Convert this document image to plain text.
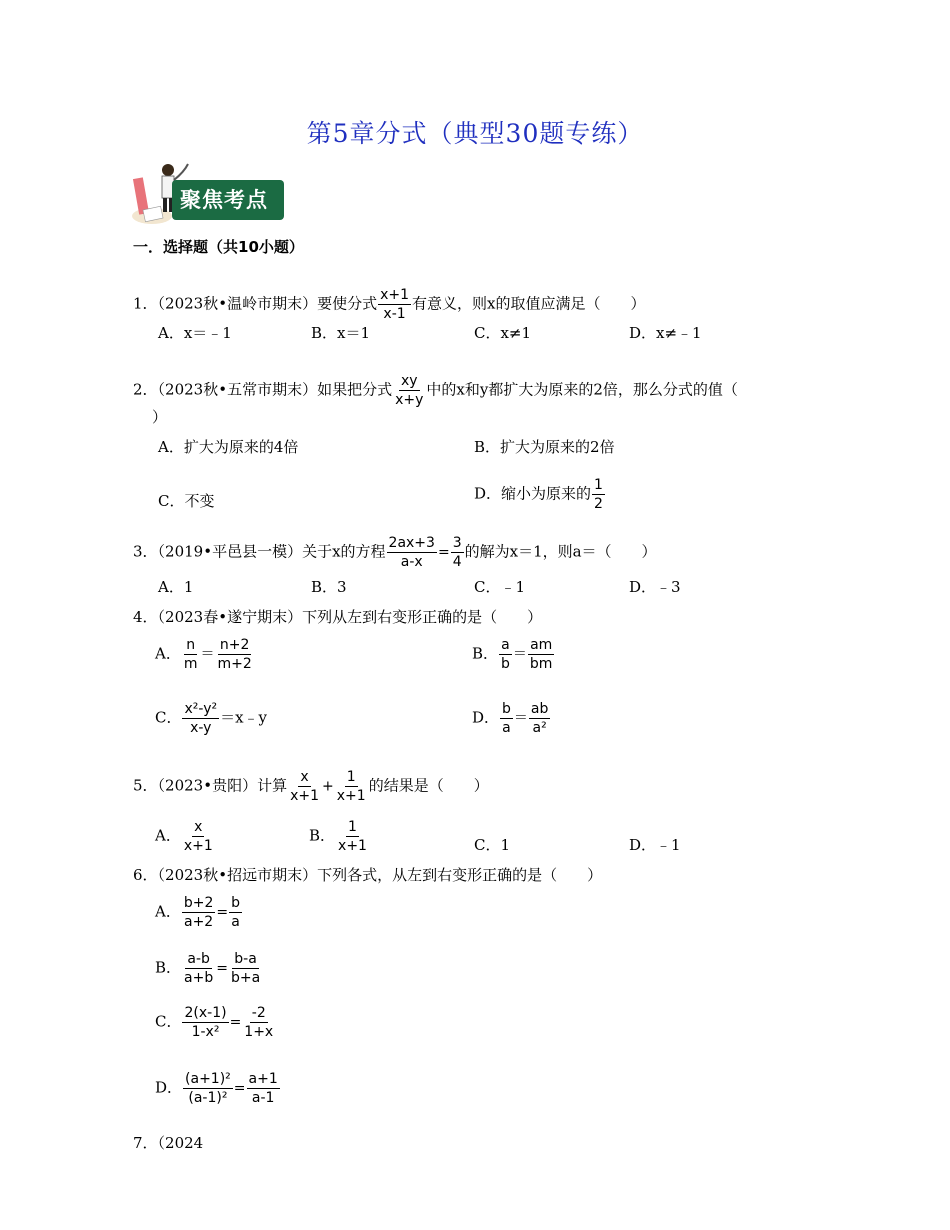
第5章分式（典型30题专练）
聚焦考点
一．选择题（共10小题）
1．（2023秋•温岭市期末）要使分式 $\frac{x+1}{x-1}$ 有意义，则x的取值应满足（　　）
A．x＝﹣1	B．x＝1	C．x≠1	D．x≠﹣1
2．（2023秋•五常市期末）如果把分式 $\frac{xy}{x+y}$ 中的x和y都扩大为原来的2倍，那么分式的值（
）
A．扩大为原来的4倍	B．扩大为原来的2倍
C．不变	D．缩小为原来的 $\frac{1}{2}$
3．（2019•平邑县一模）关于x的方程 $\frac{2ax+3}{a-x} = \frac{3}{4}$ 的解为x＝1，则a＝（　　）
A．1	B．3	C．﹣1	D．﹣3
4．（2023春•遂宁期末）下列从左到右变形正确的是（　　）
A． $\frac{n}{m} = \frac{n+2}{m+2}$	B． $\frac{a}{b} = \frac{am}{bm}$
C． $\frac{\text{x²-y²}}{x-y}$ ＝x﹣y	D． $\frac{b}{a} = \frac{ab}{\text{a²}}$
5．（2023•贵阳）计算 $\frac{x}{x+1} + \frac{1}{x+1}$ 的结果是（　　）
A． $\frac{x}{x+1}$	B． $\frac{1}{x+1}$	C．1	D．﹣1
6．（2023秋•招远市期末）下列各式，从左到右变形正确的是（　　）
A． $\frac{b+2}{a+2} = \frac{b}{a}$
B． $\frac{a-b}{a+b} = \frac{b-a}{b+a}$
C． $\frac{2(x-1)}{\text{1-x²}} = \frac{-2}{1+x}$
D． $\frac{\text{(a+1)²}}{\text{(a-1)²}} = \frac{a+1}{a-1}$
7．（2024
